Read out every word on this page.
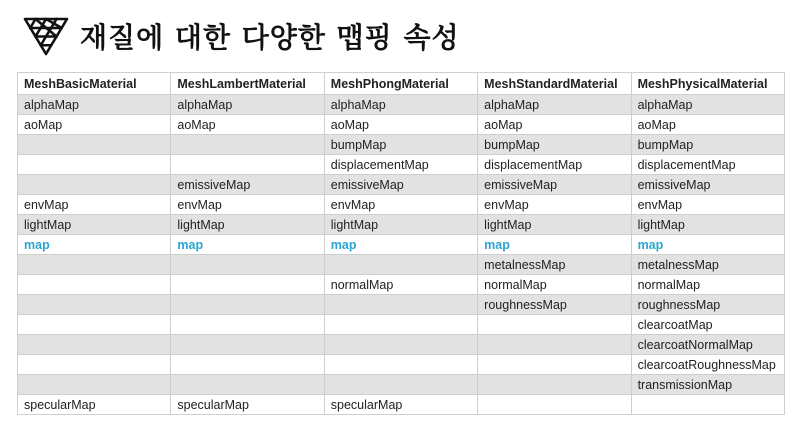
재질에 대한 다양한 맵핑 속성
MeshBasicMaterial	MeshLambertMaterial	MeshPhongMaterial	MeshStandardMaterial	MeshPhysicalMaterial
alphaMap	alphaMap	alphaMap	alphaMap	alphaMap
aoMap	aoMap	aoMap	aoMap	aoMap
		bumpMap	bumpMap	bumpMap
		displacementMap	displacementMap	displacementMap
	emissiveMap	emissiveMap	emissiveMap	emissiveMap
envMap	envMap	envMap	envMap	envMap
lightMap	lightMap	lightMap	lightMap	lightMap
map	map	map	map	map
			metalnessMap	metalnessMap
		normalMap	normalMap	normalMap
			roughnessMap	roughnessMap
				clearcoatMap
				clearcoatNormalMap
				clearcoatRoughnessMap
				transmissionMap
specularMap	specularMap	specularMap		
